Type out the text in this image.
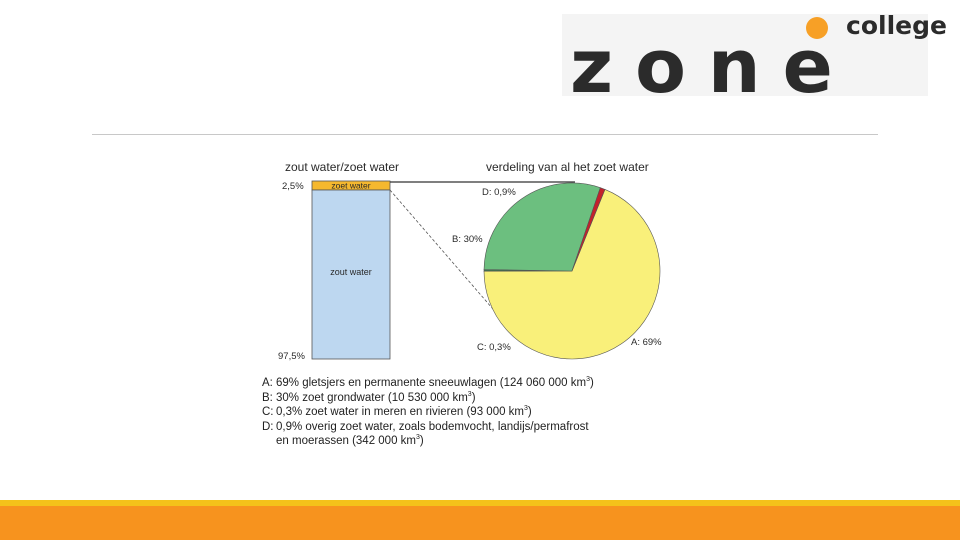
college
zone
zout water/zoet water
zoet water
zout water
2,5%
97,5%
verdeling van al het zoet water
D: 0,9%
B: 30%
C: 0,3%	A: 69%
A: 69% gletsjers en permanente sneeuwlagen (124 060 000 $km^3$)
B: 30% zoet grondwater (10 530 000 $km^3$)
C: 0,3% zoet water in meren en rivieren (93 000 $km^3$)
D: 0,9% overig zoet water, zoals bodemvocht, landijs/permafrost
en moerassen (342 000 $km^3$)
